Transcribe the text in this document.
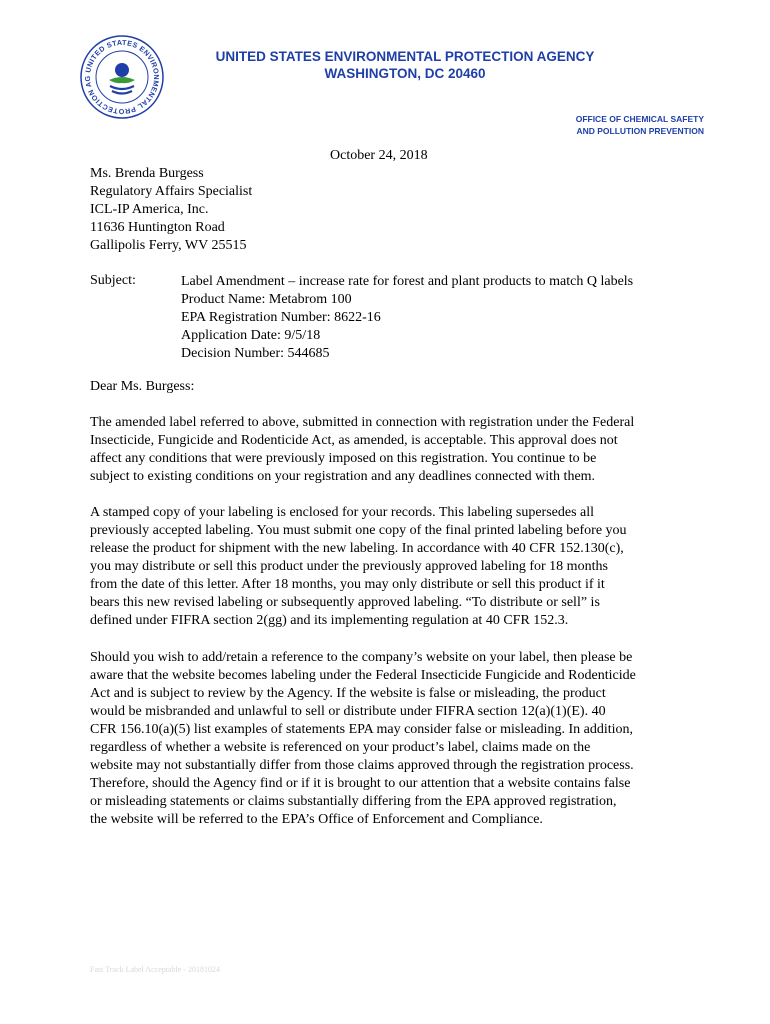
UNITED STATES ENVIRONMENTAL PROTECTION AG
UNITED STATES ENVIRONMENTAL PROTECTION AGENCY
WASHINGTON, DC 20460
OFFICE OF CHEMICAL SAFETY
AND POLLUTION PREVENTION
October 24, 2018
Ms. Brenda Burgess
Regulatory Affairs Specialist
ICL-IP America, Inc.
11636 Huntington Road
Gallipolis Ferry, WV 25515
Subject:	Label Amendment – increase rate for forest and plant products to match Q labels
Product Name: Metabrom 100
EPA Registration Number: 8622-16
Application Date: 9/5/18
Decision Number: 544685
Dear Ms. Burgess:
The amended label referred to above, submitted in connection with registration under the Federal
Insecticide, Fungicide and Rodenticide Act, as amended, is acceptable. This approval does not
affect any conditions that were previously imposed on this registration. You continue to be
subject to existing conditions on your registration and any deadlines connected with them.
A stamped copy of your labeling is enclosed for your records. This labeling supersedes all
previously accepted labeling. You must submit one copy of the final printed labeling before you
release the product for shipment with the new labeling. In accordance with 40 CFR 152.130(c),
you may distribute or sell this product under the previously approved labeling for 18 months
from the date of this letter. After 18 months, you may only distribute or sell this product if it
bears this new revised labeling or subsequently approved labeling. “To distribute or sell” is
defined under FIFRA section 2(gg) and its implementing regulation at 40 CFR 152.3.
Should you wish to add/retain a reference to the company’s website on your label, then please be
aware that the website becomes labeling under the Federal Insecticide Fungicide and Rodenticide
Act and is subject to review by the Agency. If the website is false or misleading, the product
would be misbranded and unlawful to sell or distribute under FIFRA section 12(a)(1)(E). 40
CFR 156.10(a)(5) list examples of statements EPA may consider false or misleading. In addition,
regardless of whether a website is referenced on your product’s label, claims made on the
website may not substantially differ from those claims approved through the registration process.
Therefore, should the Agency find or if it is brought to our attention that a website contains false
or misleading statements or claims substantially differing from the EPA approved registration,
the website will be referred to the EPA’s Office of Enforcement and Compliance.
Fast Track Label Acceptable - 20181024
